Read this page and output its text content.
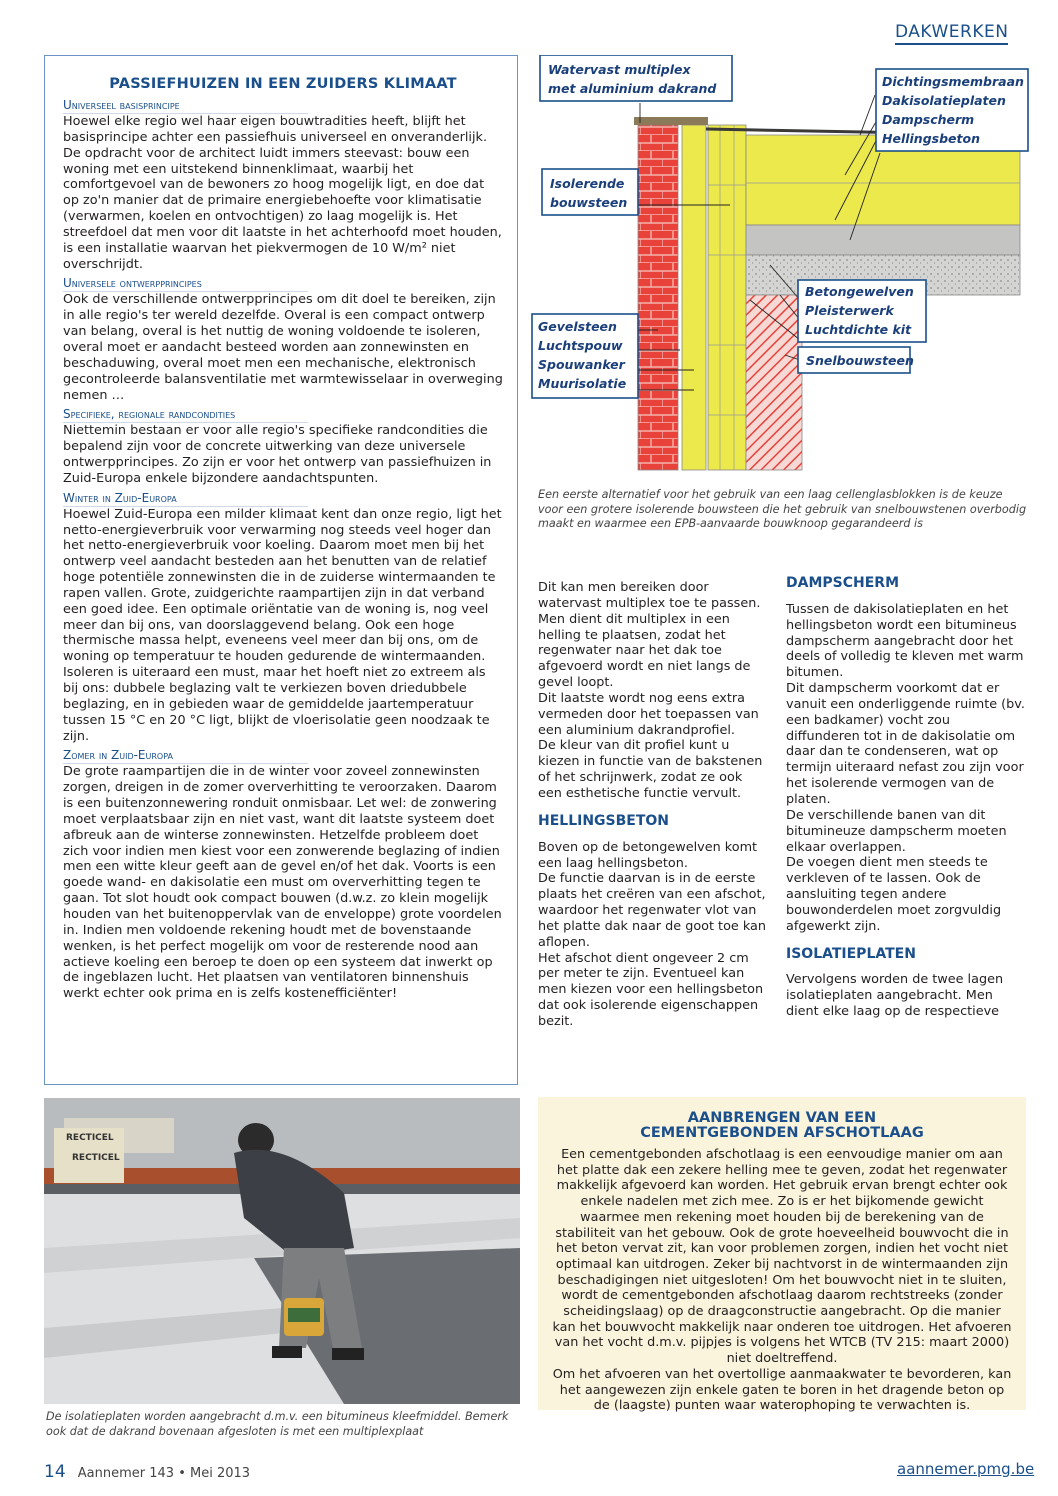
DAKWERKEN
PASSIEFHUIZEN IN EEN ZUIDERS KLIMAAT
Universeel basisprincipe
Hoewel elke regio wel haar eigen bouwtradities heeft, blijft het basisprincipe achter een passiefhuis universeel en onveranderlijk. De opdracht voor de architect luidt immers steevast: bouw een woning met een uitstekend binnenklimaat, waarbij het comfortgevoel van de bewoners zo hoog mogelijk ligt, en doe dat op zo'n manier dat de primaire energiebehoefte voor klimatisatie (verwarmen, koelen en ontvochtigen) zo laag mogelijk is. Het streefdoel dat men voor dit laatste in het achterhoofd moet houden, is een installatie waarvan het piekvermogen de 10 W/m² niet overschrijdt.
Universele ontwerpprincipes
Ook de verschillende ontwerpprincipes om dit doel te bereiken, zijn in alle regio's ter wereld dezelfde. Overal is een compact ontwerp van belang, overal is het nuttig de woning voldoende te isoleren, overal moet er aandacht besteed worden aan zonnewinsten en beschaduwing, overal moet men een mechanische, elektronisch gecontroleerde balansventilatie met warmtewisselaar in overweging nemen …
Specifieke, regionale randcondities
Niettemin bestaan er voor alle regio's specifieke randcondities die bepalend zijn voor de concrete uitwerking van deze universele ontwerpprincipes. Zo zijn er voor het ontwerp van passiefhuizen in Zuid-Europa enkele bijzondere aandachtspunten.
Winter in Zuid-Europa
Hoewel Zuid-Europa een milder klimaat kent dan onze regio, ligt het netto-energieverbruik voor verwarming nog steeds veel hoger dan het netto-energieverbruik voor koeling. Daarom moet men bij het ontwerp veel aandacht besteden aan het benutten van de relatief hoge potentiële zonnewinsten die in de zuiderse wintermaanden te rapen vallen. Grote, zuidgerichte raampartijen zijn in dat verband een goed idee. Een optimale oriëntatie van de woning is, nog veel meer dan bij ons, van doorslaggevend belang. Ook een hoge thermische massa helpt, eveneens veel meer dan bij ons, om de woning op temperatuur te houden gedurende de wintermaanden. Isoleren is uiteraard een must, maar het hoeft niet zo extreem als bij ons: dubbele beglazing valt te verkiezen boven driedubbele beglazing, en in gebieden waar de gemiddelde jaartemperatuur tussen 15 °C en 20 °C ligt, blijkt de vloerisolatie geen noodzaak te zijn.
Zomer in Zuid-Europa
De grote raampartijen die in de winter voor zoveel zonnewinsten zorgen, dreigen in de zomer oververhitting te veroorzaken. Daarom is een buitenzonnewering ronduit onmisbaar. Let wel: de zonwering moet verplaatsbaar zijn en niet vast, want dit laatste systeem doet afbreuk aan de winterse zonnewinsten. Hetzelfde probleem doet zich voor indien men kiest voor een zonwerende beglazing of indien men een witte kleur geeft aan de gevel en/of het dak. Voorts is een goede wand- en dakisolatie een must om oververhitting tegen te gaan. Tot slot houdt ook compact bouwen (d.w.z. zo klein mogelijk houden van het buitenoppervlak van de enveloppe) grote voordelen in. Indien men voldoende rekening houdt met de bovenstaande wenken, is het perfect mogelijk om voor de resterende nood aan actieve koeling een beroep te doen op een systeem dat inwerkt op de ingeblazen lucht. Het plaatsen van ventilatoren binnenshuis werkt echter ook prima en is zelfs kostenefficiënter!
Watervast multiplex
met aluminium dakrand	Dichtingsmembraan
Dakisolatieplaten
Dampscherm
Hellingsbeton
Isolerende
bouwsteen
Betongewelven
Pleisterwerk
Luchtdichte kit
Snelbouwsteen
Gevelsteen
Luchtspouw
Spouwanker
Muurisolatie
Een eerste alternatief voor het gebruik van een laag cellenglasblokken is de keuze voor een grotere isolerende bouwsteen die het gebruik van snelbouwstenen overbodig maakt en waarmee een EPB-aanvaarde bouwknoop gegarandeerd is
Dit kan men bereiken door watervast multiplex toe te passen. Men dient dit multiplex in een helling te plaatsen, zodat het regenwater naar het dak toe afgevoerd wordt en niet langs de gevel loopt.
Dit laatste wordt nog eens extra vermeden door het toepassen van een aluminium dakrandprofiel.
De kleur van dit profiel kunt u kiezen in functie van de bakstenen of het schrijnwerk, zodat ze ook een esthetische functie vervult.
HELLINGSBETON
Boven op de betongewelven komt een laag hellingsbeton.
De functie daarvan is in de eerste plaats het creëren van een afschot, waardoor het regenwater vlot van het platte dak naar de goot toe kan aflopen.
Het afschot dient ongeveer 2 cm per meter te zijn. Eventueel kan men kiezen voor een hellingsbeton dat ook isolerende eigenschappen bezit.
DAMPSCHERM
Tussen de dakisolatieplaten en het hellingsbeton wordt een bitumineus dampscherm aangebracht door het deels of volledig te kleven met warm bitumen.
Dit dampscherm voorkomt dat er vanuit een onderliggende ruimte (bv. een badkamer) vocht zou diffunderen tot in de dakisolatie om daar dan te condenseren, wat op termijn uiteraard nefast zou zijn voor het isolerende vermogen van de platen.
De verschillende banen van dit bitumineuze dampscherm moeten elkaar overlappen.
De voegen dient men steeds te verkleven of te lassen. Ook de aansluiting tegen andere bouwonderdelen moet zorgvuldig afgewerkt zijn.
ISOLATIEPLATEN
Vervolgens worden de twee lagen isolatieplaten aangebracht. Men dient elke laag op de respectieve
RECTICEL
RECTICEL
De isolatieplaten worden aangebracht d.m.v. een bitumineus kleefmiddel. Bemerk ook dat de dakrand bovenaan afgesloten is met een multiplexplaat
AANBRENGEN VAN EEN
CEMENTGEBONDEN AFSCHOTLAAG
Een cementgebonden afschotlaag is een eenvoudige manier om aan het platte dak een zekere helling mee te geven, zodat het regenwater makkelijk afgevoerd kan worden. Het gebruik ervan brengt echter ook enkele nadelen met zich mee. Zo is er het bijkomende gewicht waarmee men rekening moet houden bij de berekening van de stabiliteit van het gebouw. Ook de grote hoeveelheid bouwvocht die in het beton vervat zit, kan voor problemen zorgen, indien het vocht niet optimaal kan uitdrogen. Zeker bij nachtvorst in de wintermaanden zijn beschadigingen niet uitgesloten! Om het bouwvocht niet in te sluiten, wordt de cementgebonden afschotlaag daarom rechtstreeks (zonder scheidingslaag) op de draagconstructie aangebracht. Op die manier kan het bouwvocht makkelijk naar onderen toe uitdrogen. Het afvoeren van het vocht d.m.v. pijpjes is volgens het WTCB (TV 215: maart 2000) niet doeltreffend.
Om het afvoeren van het overtollige aanmaakwater te bevorderen, kan het aangewezen zijn enkele gaten te boren in het dragende beton op de (laagste) punten waar waterophoping te verwachten is.
14 Aannemer 143 • Mei 2013	aannemer.pmg.be
